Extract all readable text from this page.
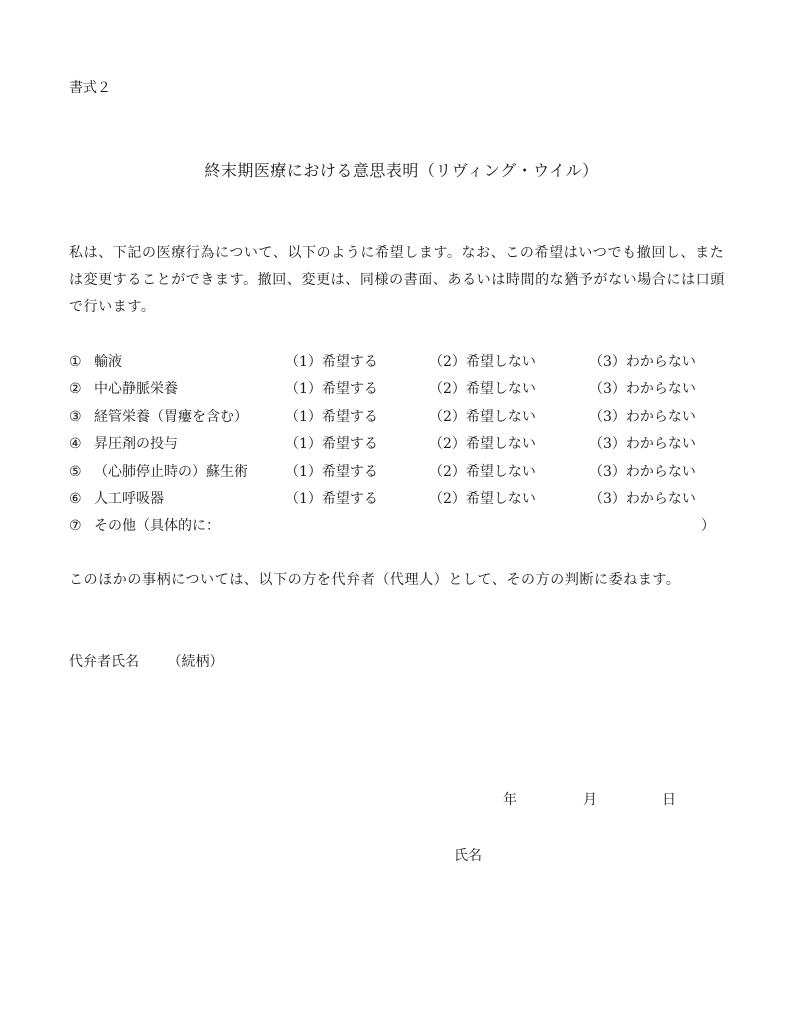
書式２
終末期医療における意思表明（リヴィング・ウイル）

私は、下記の医療行為について、以下のように希望します。なお、この希望はいつでも撤回し、または変更することができます。撤回、変更は、同様の書面、あるいは時間的な猶予がない場合には口頭で行います。

① 輸液	（1）希望する	（2）希望しない	（3）わからない
② 中心静脈栄養	（1）希望する	（2）希望しない	（3）わからない
③ 経管栄養（胃瘻を含む）	（1）希望する	（2）希望しない	（3）わからない
④ 昇圧剤の投与	（1）希望する	（2）希望しない	（3）わからない
⑤ （心肺停止時の）蘇生術	（1）希望する	（2）希望しない	（3）わからない
⑥ 人工呼吸器	（1）希望する	（2）希望しない	（3）わからない
⑦ その他（具体的に：	）

このほかの事柄については、以下の方を代弁者（代理人）として、その方の判断に委ねます。

代弁者氏名 （続柄）
年	月	日
氏名
